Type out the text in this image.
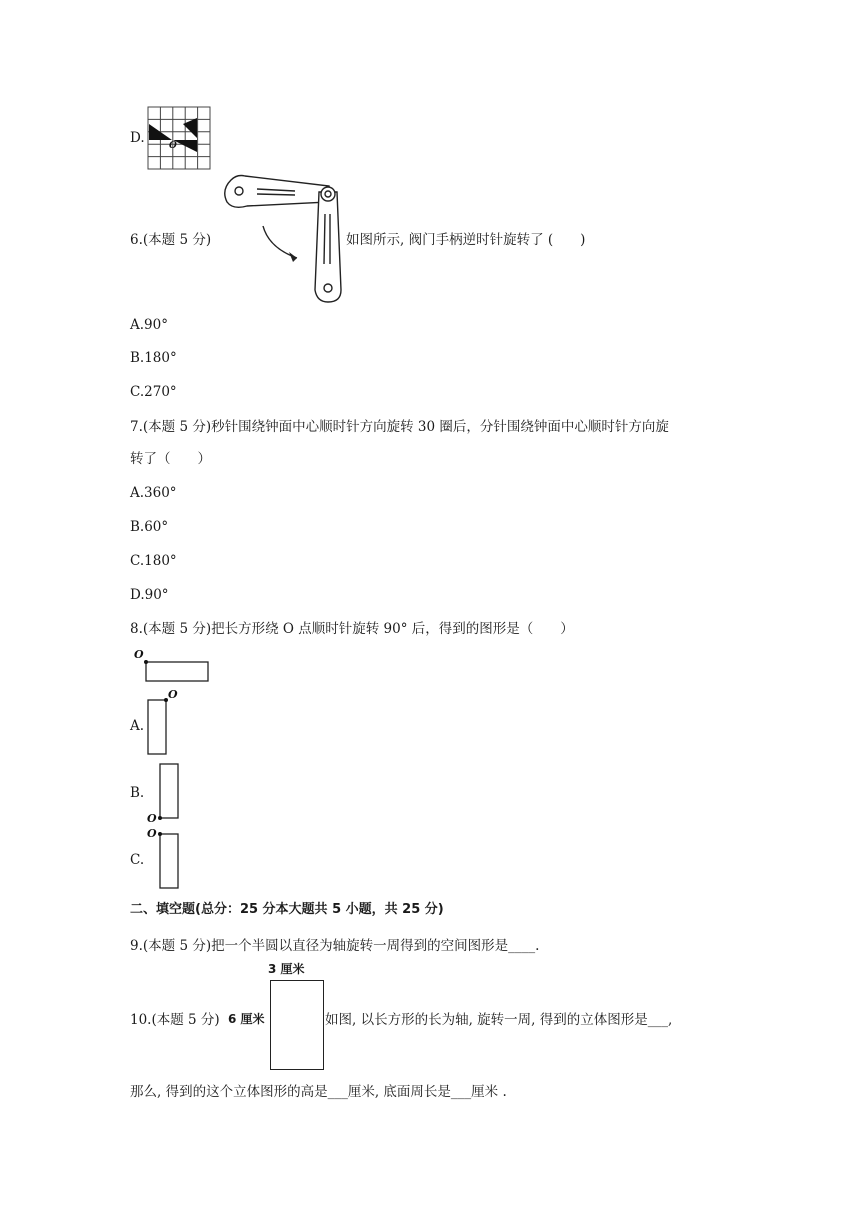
D.	O
6.(本题 5 分)	如图所示, 阀门手柄逆时针旋转了 (　　)
A.90°
B.180°
C.270°
7.(本题 5 分)秒针围绕钟面中心顺时针方向旋转 30 圈后，分针围绕钟面中心顺时针方向旋
转了（　　）
A.360°
B.60°
C.180°
D.90°
8.(本题 5 分)把长方形绕 O 点顺时针旋转 90° 后，得到的图形是（　　）
O
A.
O
B.
O
C.
O
二、填空题(总分：25 分本大题共 5 小题，共 25 分)
9.(本题 5 分)把一个半圆以直径为轴旋转一周得到的空间图形是____.
10.(本题 5 分)
3 厘米
6 厘米	如图, 以长方形的长为轴, 旋转一周, 得到的立体图形是___,
那么, 得到的这个立体图形的高是___厘米, 底面周长是___厘米 .
